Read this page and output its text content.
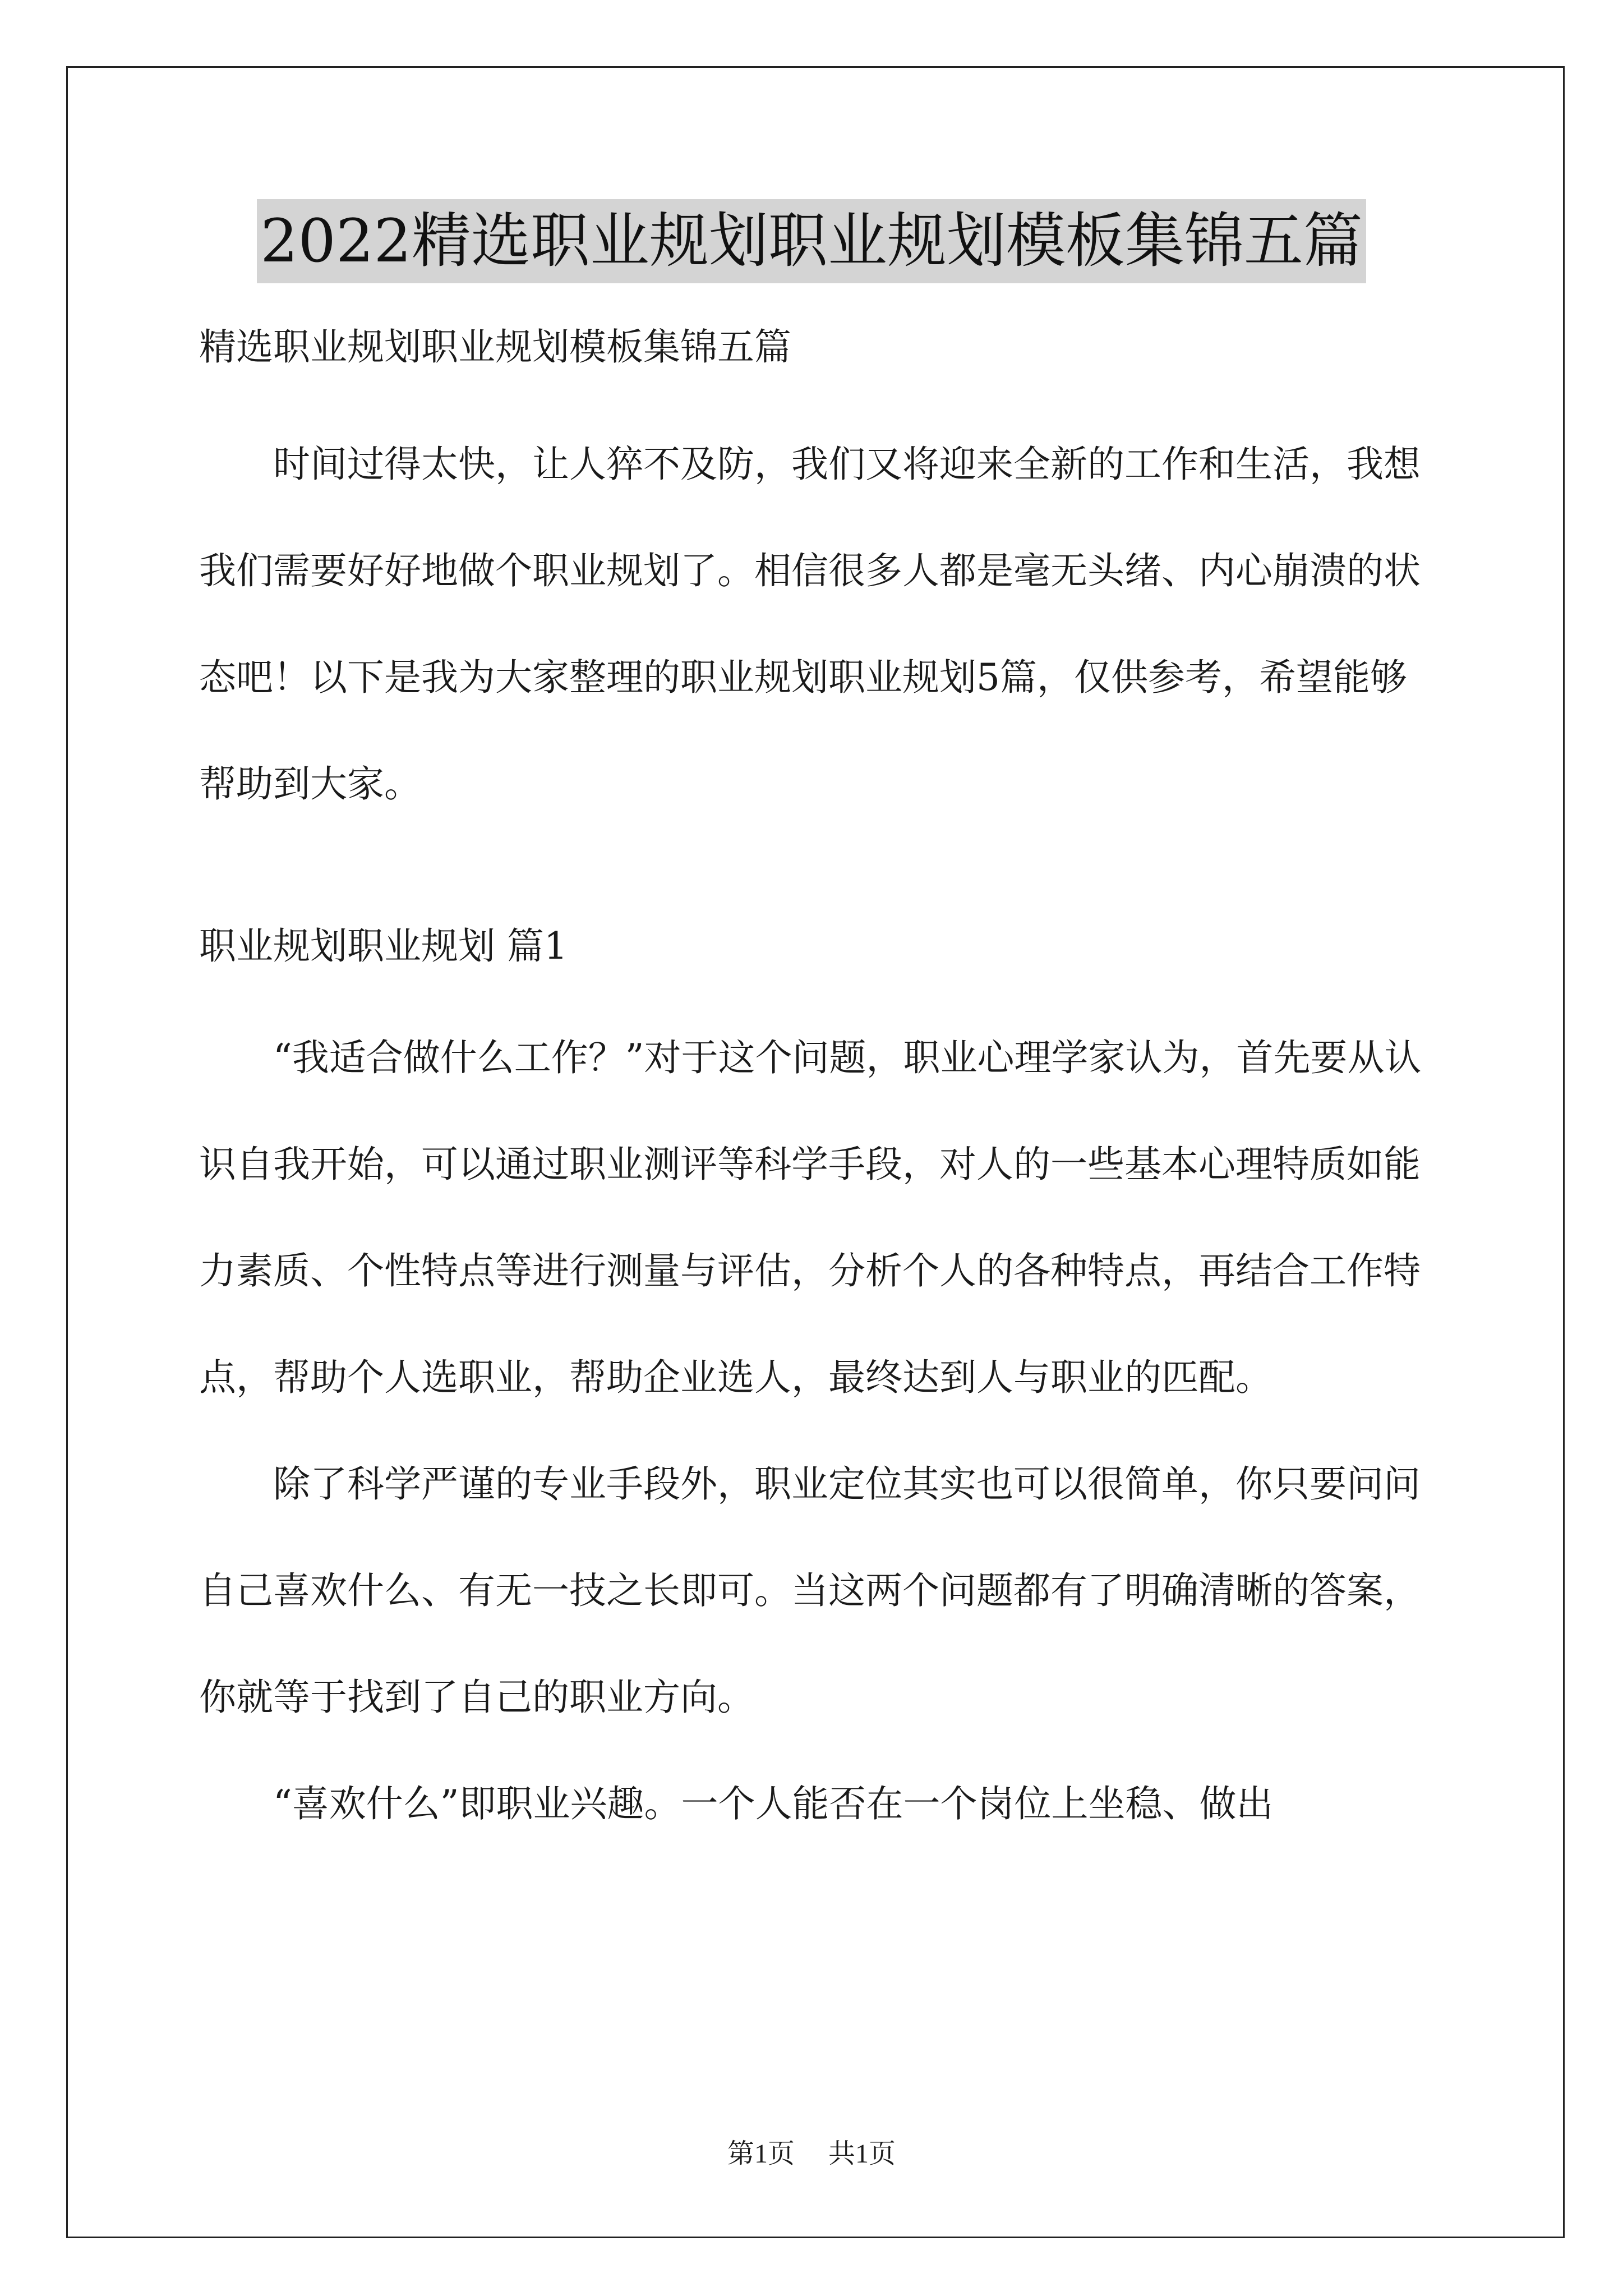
2022精选职业规划职业规划模板集锦五篇

精选职业规划职业规划模板集锦五篇

时间过得太快，让人猝不及防，我们又将迎来全新的工作和生活，我想我们需要好好地做个职业规划了。相信很多人都是毫无头绪、内心崩溃的状态吧！以下是我为大家整理的职业规划职业规划5篇，仅供参考，希望能够帮助到大家。

职业规划职业规划 篇1

“我适合做什么工作？”对于这个问题，职业心理学家认为，首先要从认识自我开始，可以通过职业测评等科学手段，对人的一些基本心理特质如能力素质、个性特点等进行测量与评估，分析个人的各种特点，再结合工作特点，帮助个人选职业，帮助企业选人，最终达到人与职业的匹配。

除了科学严谨的专业手段外，职业定位其实也可以很简单，你只要问问自己喜欢什么、有无一技之长即可。当这两个问题都有了明确清晰的答案，你就等于找到了自己的职业方向。

“喜欢什么”即职业兴趣。一个人能否在一个岗位上坐稳、做出

第1页 共1页
